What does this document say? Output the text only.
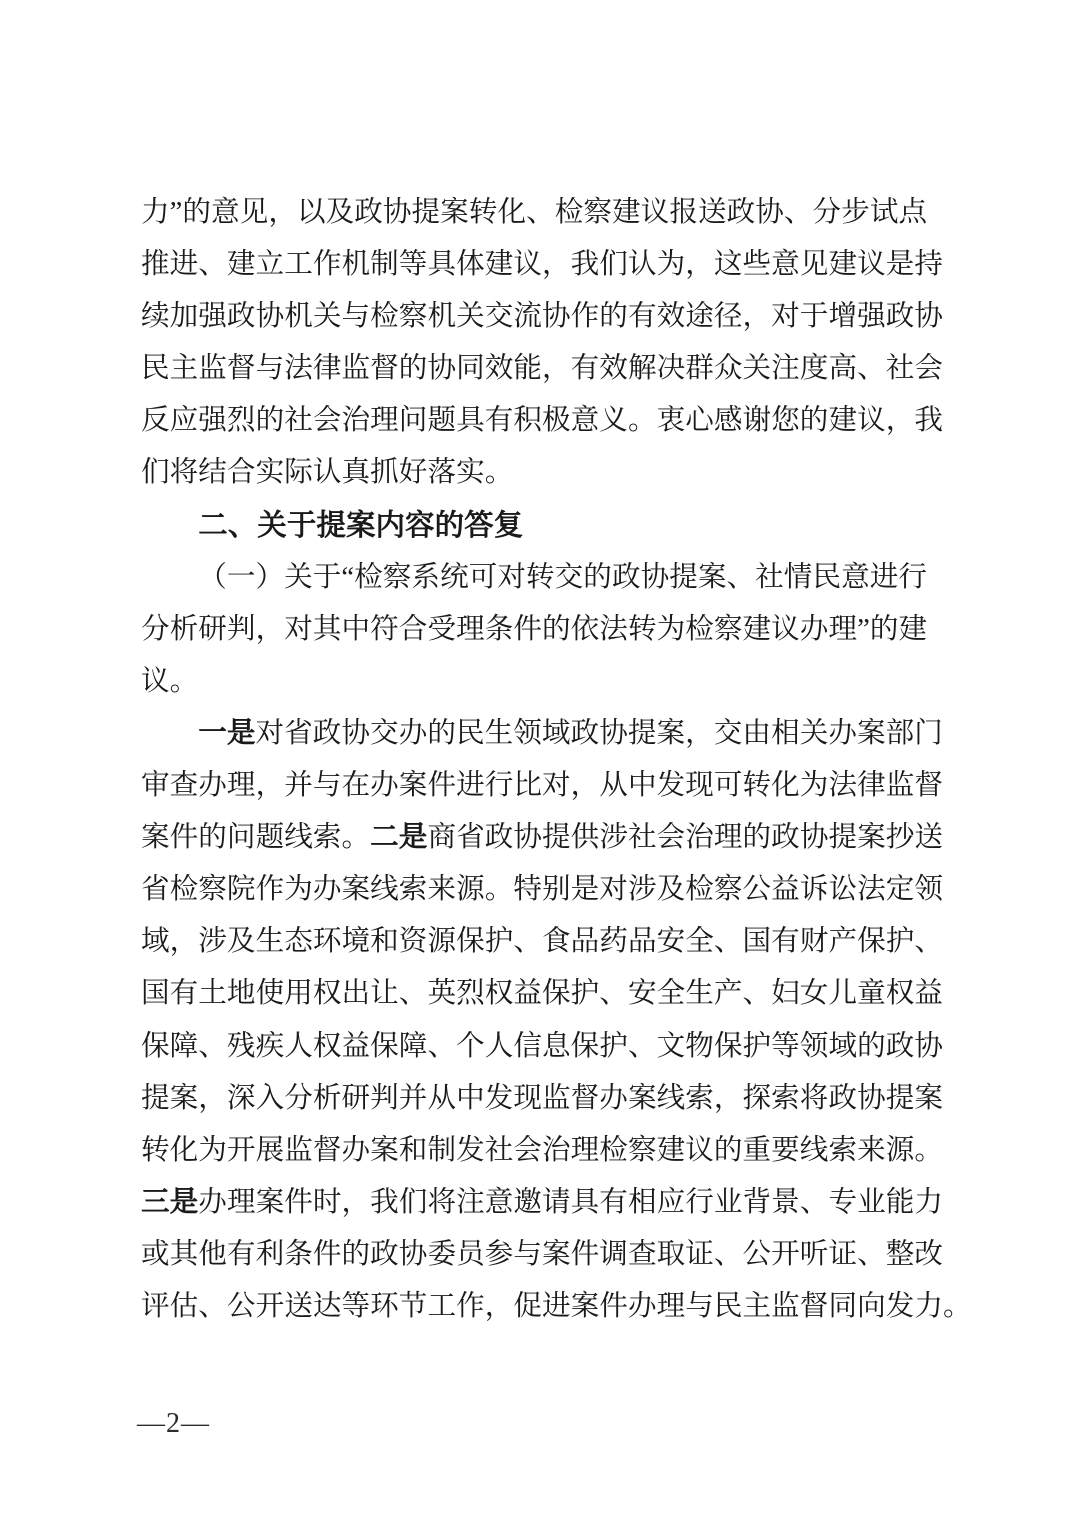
力”的意见，以及政协提案转化、检察建议报送政协、分步试点
推进、建立工作机制等具体建议，我们认为，这些意见建议是持
续加强政协机关与检察机关交流协作的有效途径，对于增强政协
民主监督与法律监督的协同效能，有效解决群众关注度高、社会
反应强烈的社会治理问题具有积极意义。衷心感谢您的建议，我
们将结合实际认真抓好落实。
二、关于提案内容的答复
（一）关于“检察系统可对转交的政协提案、社情民意进行
分析研判，对其中符合受理条件的依法转为检察建议办理”的建
议。
一是对省政协交办的民生领域政协提案，交由相关办案部门
审查办理，并与在办案件进行比对，从中发现可转化为法律监督
案件的问题线索。二是商省政协提供涉社会治理的政协提案抄送
省检察院作为办案线索来源。特别是对涉及检察公益诉讼法定领
域，涉及生态环境和资源保护、食品药品安全、国有财产保护、
国有土地使用权出让、英烈权益保护、安全生产、妇女儿童权益
保障、残疾人权益保障、个人信息保护、文物保护等领域的政协
提案，深入分析研判并从中发现监督办案线索，探索将政协提案
转化为开展监督办案和制发社会治理检察建议的重要线索来源。
三是办理案件时，我们将注意邀请具有相应行业背景、专业能力
或其他有利条件的政协委员参与案件调查取证、公开听证、整改
评估、公开送达等环节工作，促进案件办理与民主监督同向发力。
—2—
